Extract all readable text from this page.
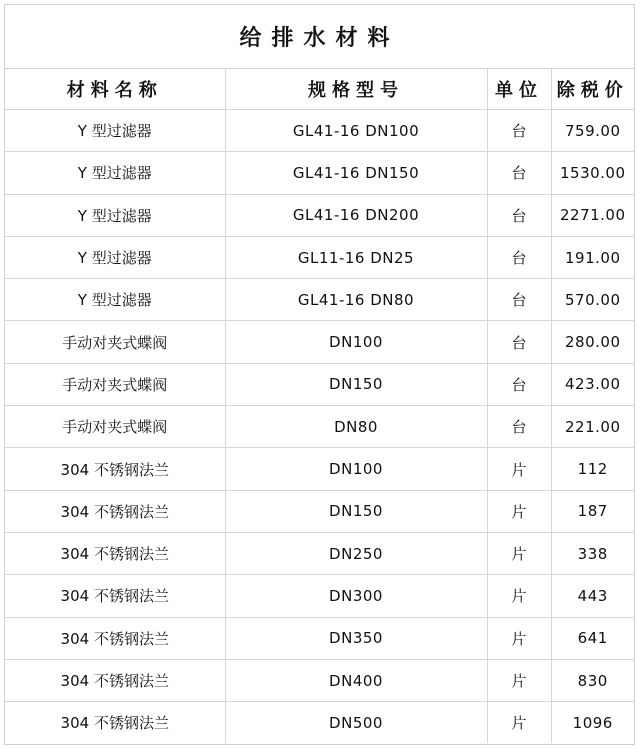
给排水材料
材料名称	规格型号	单位	除税价
Y 型过滤器	GL41-16 DN100	台	759.00
Y 型过滤器	GL41-16 DN150	台	1530.00
Y 型过滤器	GL41-16 DN200	台	2271.00
Y 型过滤器	GL11-16 DN25	台	191.00
Y 型过滤器	GL41-16 DN80	台	570.00
手动对夹式蝶阀	DN100	台	280.00
手动对夹式蝶阀	DN150	台	423.00
手动对夹式蝶阀	DN80	台	221.00
304 不锈钢法兰	DN100	片	112
304 不锈钢法兰	DN150	片	187
304 不锈钢法兰	DN250	片	338
304 不锈钢法兰	DN300	片	443
304 不锈钢法兰	DN350	片	641
304 不锈钢法兰	DN400	片	830
304 不锈钢法兰	DN500	片	1096
